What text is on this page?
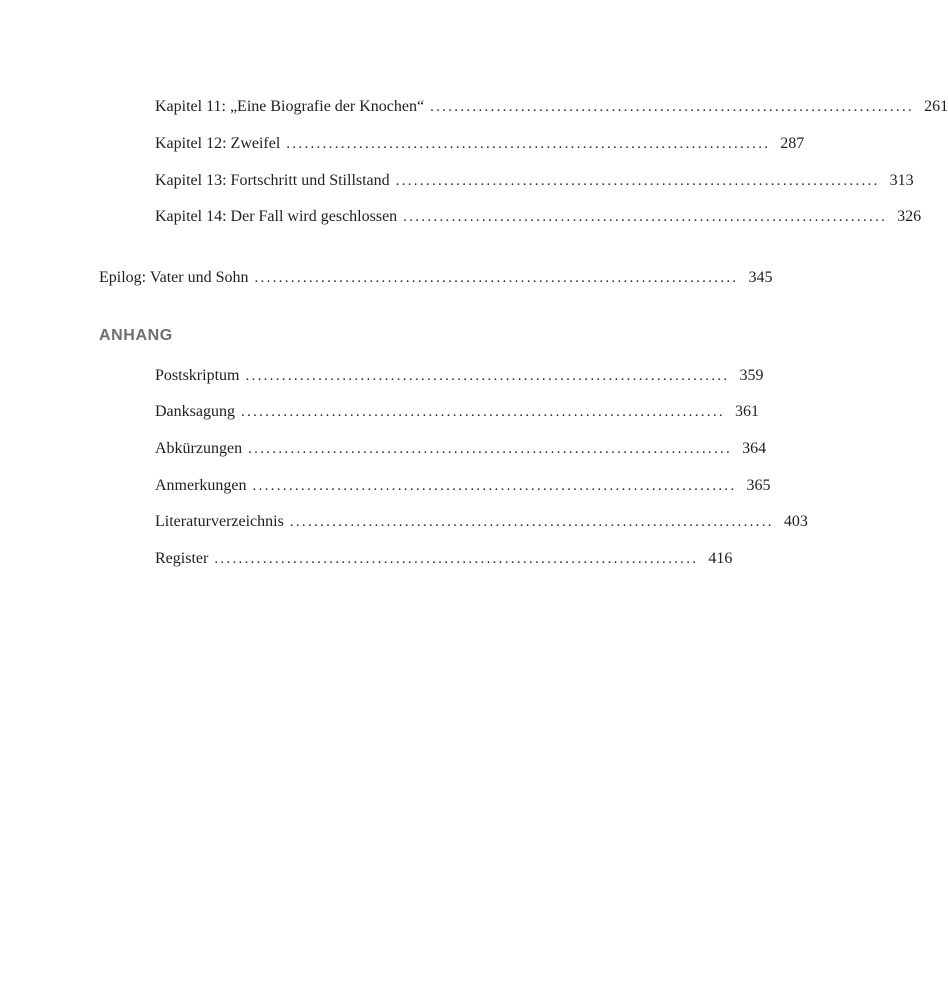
Kapitel 11: „Eine Biografie der Knochen“ ................................................................................ 261
Kapitel 12: Zweifel ................................................................................ 287
Kapitel 13: Fortschritt und Stillstand ................................................................................ 313
Kapitel 14: Der Fall wird geschlossen ................................................................................ 326
Epilog: Vater und Sohn ................................................................................ 345
ANHANG
Postskriptum ................................................................................ 359
Danksagung ................................................................................ 361
Abkürzungen ................................................................................ 364
Anmerkungen ................................................................................ 365
Literaturverzeichnis ................................................................................ 403
Register ................................................................................ 416
